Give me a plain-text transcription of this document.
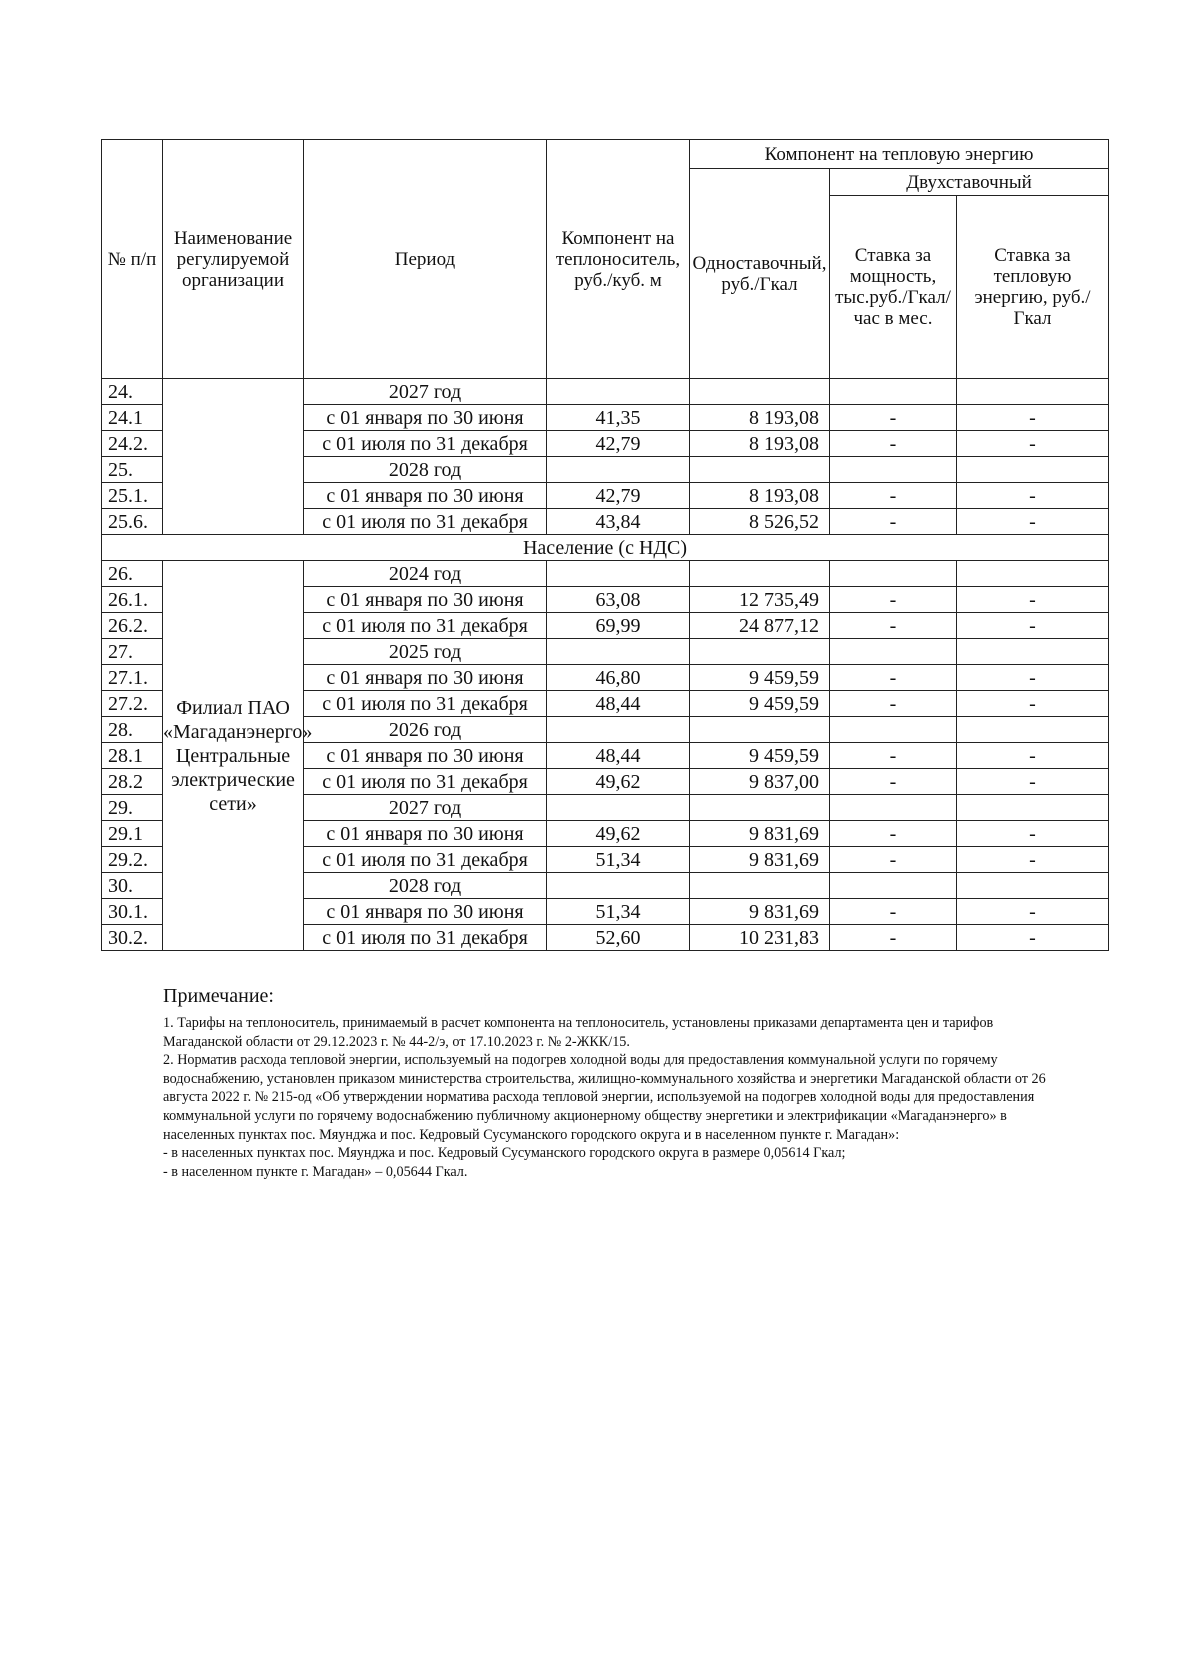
№ п/п	Наименование регулируемой организации	Период	Компонент на теплоноситель, руб./куб. м	Компонент на тепловую энергию		
				Одноставочный, руб./Гкал	Двухставочный	
					Ставка за мощность, тыс.руб./Гкал/час в мес.	Ставка за тепловую энергию, руб./Гкал
24.		2027 год				
24.1		с 01 января по 30 июня	41,35	8 193,08	-	-
24.2.		с 01 июля по 31 декабря	42,79	8 193,08	-	-
25.		2028 год				
25.1.		с 01 января по 30 июня	42,79	8 193,08	-	-
25.6.		с 01 июля по 31 декабря	43,84	8 526,52	-	-
Население (с НДС)						
26.	Филиал ПАО «Магаданэнерго» Центральные электрические сети»	2024 год				
26.1.		с 01 января по 30 июня	63,08	12 735,49	-	-
26.2.		с 01 июля по 31 декабря	69,99	24 877,12	-	-
27.		2025 год				
27.1.		с 01 января по 30 июня	46,80	9 459,59	-	-
27.2.		с 01 июля по 31 декабря	48,44	9 459,59	-	-
28.		2026 год				
28.1		с 01 января по 30 июня	48,44	9 459,59	-	-
28.2		с 01 июля по 31 декабря	49,62	9 837,00	-	-
29.		2027 год				
29.1		с 01 января по 30 июня	49,62	9 831,69	-	-
29.2.		с 01 июля по 31 декабря	51,34	9 831,69	-	-
30.		2028 год				
30.1.		с 01 января по 30 июня	51,34	9 831,69	-	-
30.2.		с 01 июля по 31 декабря	52,60	10 231,83	-	-
Примечание:

1. Тарифы на теплоноситель, принимаемый в расчет компонента на теплоноситель, установлены приказами департамента цен и тарифов Магаданской области от 29.12.2023 г. № 44-2/э, от 17.10.2023 г. № 2-ЖКК/15.

2. Норматив расхода тепловой энергии, используемый на подогрев холодной воды для предоставления коммунальной услуги по горячему водоснабжению, установлен приказом министерства строительства, жилищно-коммунального хозяйства и энергетики Магаданской области от 26 августа 2022 г. № 215-од «Об утверждении норматива расхода тепловой энергии, используемой на подогрев холодной воды для предоставления коммунальной услуги по горячему водоснабжению публичному акционерному обществу энергетики и электрификации «Магаданэнерго» в населенных пунктах пос. Мяунджа и пос. Кедровый Сусуманского городского округа и в населенном пункте г. Магадан»:

- в населенных пунктах пос. Мяунджа и пос. Кедровый Сусуманского городского округа в размере 0,05614 Гкал;

- в населенном пункте г. Магадан» – 0,05644 Гкал.
